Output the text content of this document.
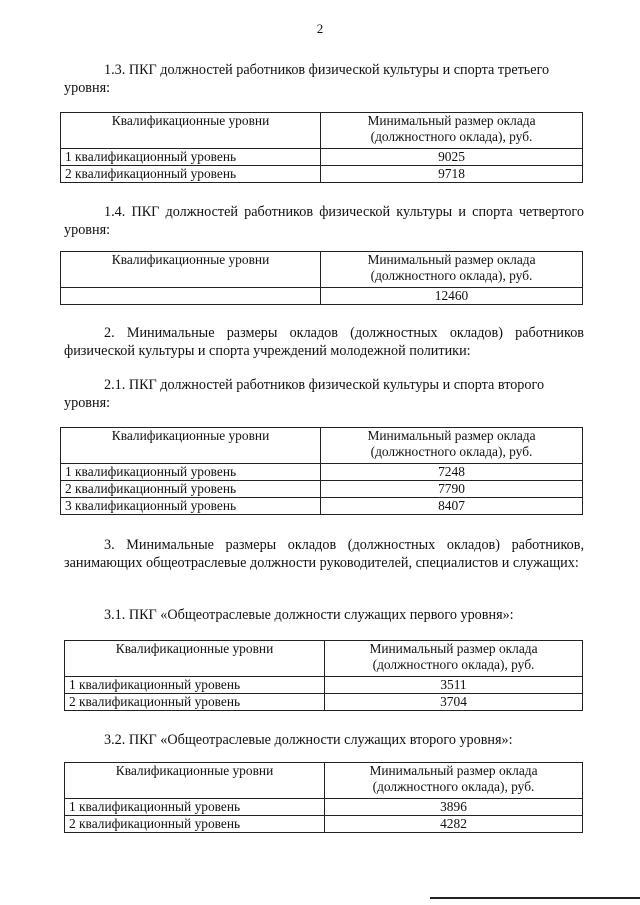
2
1.3. ПКГ должностей работников физической культуры и спорта третьего уровня:
Квалификационные уровни	Минимальный размер оклада (должностного оклада), руб.
1 квалификационный уровень	9025
2 квалификационный уровень	9718
1.4. ПКГ должностей работников физической культуры и спорта четвертого уровня:
Квалификационные уровни	Минимальный размер оклада (должностного оклада), руб.
	12460
2. Минимальные размеры окладов (должностных окладов) работников физической культуры и спорта учреждений молодежной политики:
2.1. ПКГ должностей работников физической культуры и спорта второго уровня:
Квалификационные уровни	Минимальный размер оклада (должностного оклада), руб.
1 квалификационный уровень	7248
2 квалификационный уровень	7790
3 квалификационный уровень	8407
3. Минимальные размеры окладов (должностных окладов) работников, занимающих общеотраслевые должности руководителей, специалистов и служащих:
3.1. ПКГ «Общеотраслевые должности служащих первого уровня»:
Квалификационные уровни	Минимальный размер оклада (должностного оклада), руб.
1 квалификационный уровень	3511
2 квалификационный уровень	3704
3.2. ПКГ «Общеотраслевые должности служащих второго уровня»:
Квалификационные уровни	Минимальный размер оклада (должностного оклада), руб.
1 квалификационный уровень	3896
2 квалификационный уровень	4282
